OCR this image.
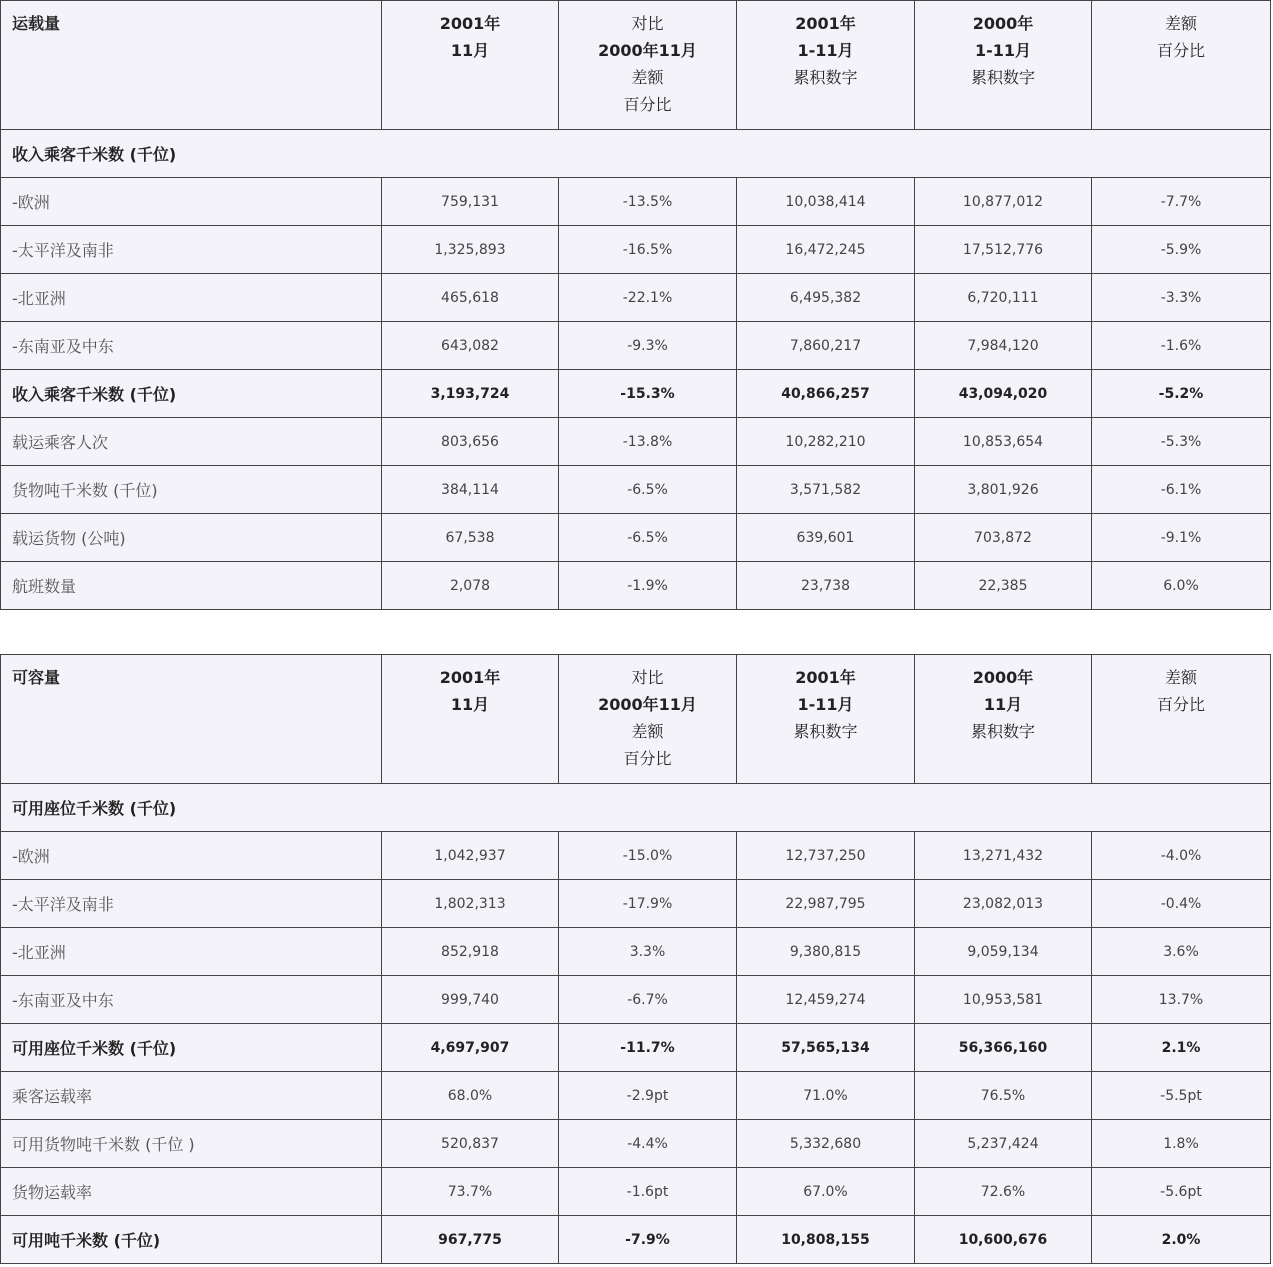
运载量	2001年
11月	对比
2000年11月
差额
百分比	2001年
1-11月
累积数字	2000年
1-11月
累积数字	差额
百分比

收入乘客千米数 (千位)					
-欧洲	759,131	-13.5%	10,038,414	10,877,012	-7.7%
-太平洋及南非	1,325,893	-16.5%	16,472,245	17,512,776	-5.9%
-北亚洲	465,618	-22.1%	6,495,382	6,720,111	-3.3%
-东南亚及中东	643,082	-9.3%	7,860,217	7,984,120	-1.6%
收入乘客千米数 (千位)	3,193,724	-15.3%	40,866,257	43,094,020	-5.2%
载运乘客人次	803,656	-13.8%	10,282,210	10,853,654	-5.3%
货物吨千米数 (千位)	384,114	-6.5%	3,571,582	3,801,926	-6.1%
载运货物 (公吨)	67,538	-6.5%	639,601	703,872	-9.1%
航班数量	2,078	-1.9%	23,738	22,385	6.0%
可容量	2001年
11月	对比
2000年11月
差额
百分比	2001年
1-11月
累积数字	2000年
11月
累积数字	差额
百分比

可用座位千米数 (千位)					
-欧洲	1,042,937	-15.0%	12,737,250	13,271,432	-4.0%
-太平洋及南非	1,802,313	-17.9%	22,987,795	23,082,013	-0.4%
-北亚洲	852,918	3.3%	9,380,815	9,059,134	3.6%
-东南亚及中东	999,740	-6.7%	12,459,274	10,953,581	13.7%
可用座位千米数 (千位)	4,697,907	-11.7%	57,565,134	56,366,160	2.1%
乘客运载率	68.0%	-2.9pt	71.0%	76.5%	-5.5pt
可用货物吨千米数 (千位 )	520,837	-4.4%	5,332,680	5,237,424	1.8%
货物运载率	73.7%	-1.6pt	67.0%	72.6%	-5.6pt
可用吨千米数 (千位)	967,775	-7.9%	10,808,155	10,600,676	2.0%
